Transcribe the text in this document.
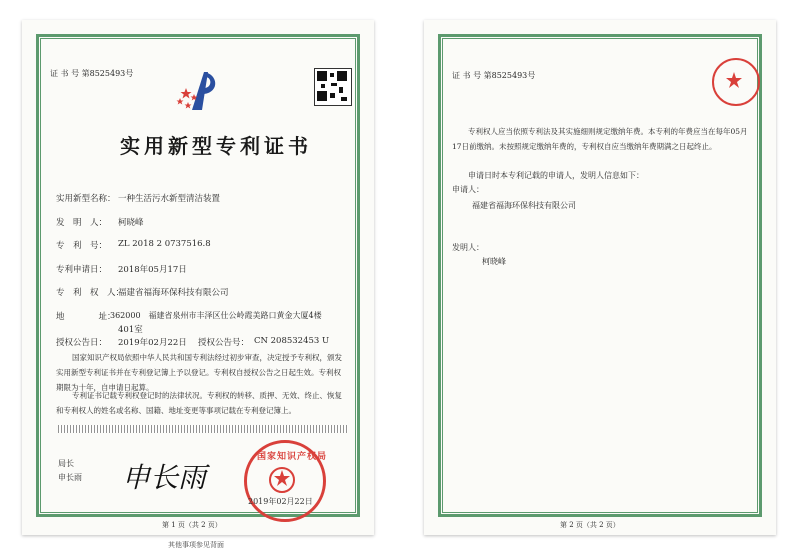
证 书 号 第8525493号
实用新型专利证书
实用新型名称： 一种生活污水新型清洁装置
发　明　人： 柯晓峰
专　利　号： ZL 2018 2 0737516.8
专利申请日： 2018年05月17日
专　利　权　人：
福建省福海环保科技有限公司
地　　　　址：
362000　福建省泉州市丰泽区仕公岭霞美路口黄金大厦4楼
401室
授权公告日： 2019年02月22日 授权公告号： CN 208532453 U
国家知识产权局依照中华人民共和国专利法经过初步审查，决定授予专利权，颁发实用新型专利证书并在专利登记簿上予以登记。专利权自授权公告之日起生效。专利权期限为十年，自申请日起算。
专利证书记载专利权登记时的法律状况。专利权的转移、质押、无效、终止、恢复和专利权人的姓名或名称、国籍、地址变更等事项记载在专利登记簿上。
局长
申长雨 申长雨
国家知识产权局
2019年02月22日
第 1 页（共 2 页）
其他事项参见背面
证 书 号 第8525493号
专利权人应当依照专利法及其实施细则规定缴纳年费。本专利的年费应当在每年05月17日前缴纳。未按照规定缴纳年费的，专利权自应当缴纳年费期满之日起终止。
申请日时本专利记载的申请人，发明人信息如下：
申请人：
福建省福海环保科技有限公司
发明人：
柯晓峰
第 2 页（共 2 页）
